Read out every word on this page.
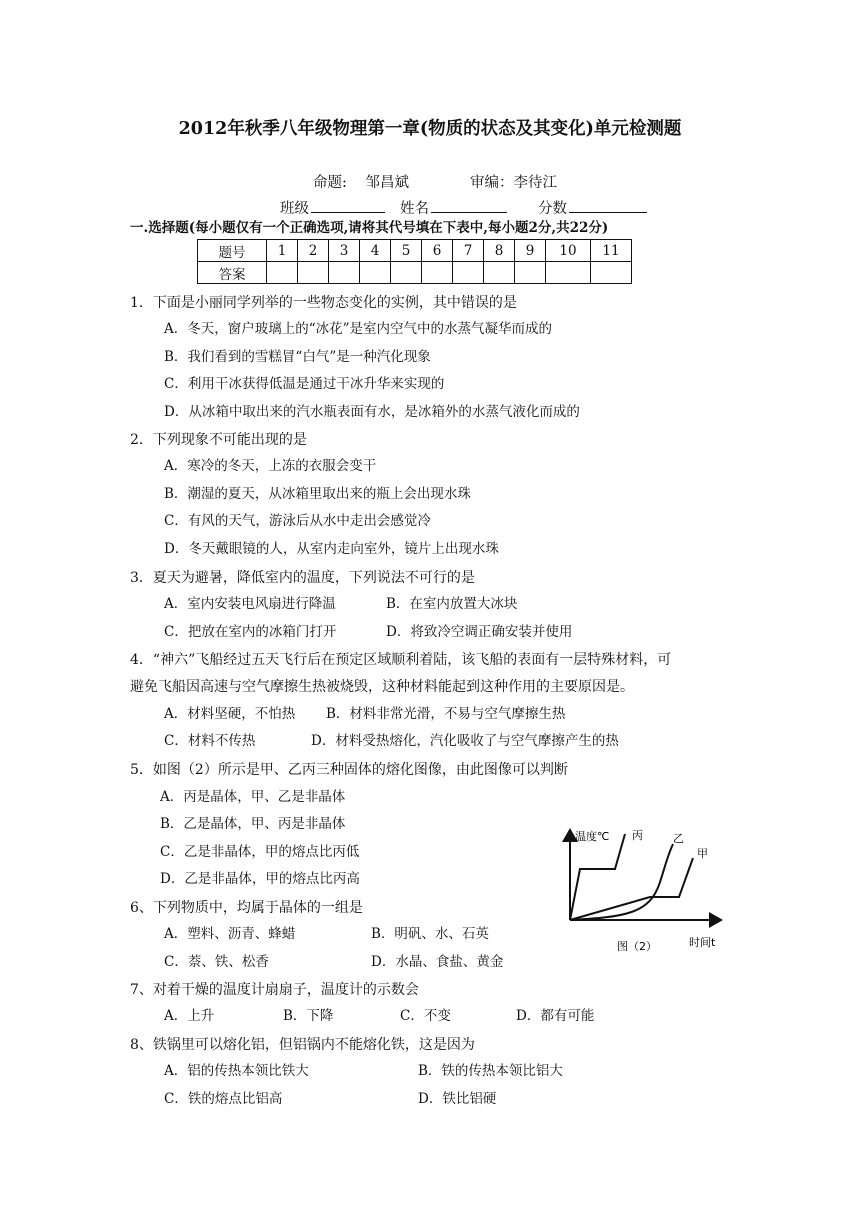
2012年秋季八年级物理第一章(物质的状态及其变化)单元检测题
命题: 邹昌斌	审编：李待江
班级	姓名	分数
一.选择题(每小题仅有一个正确选项,请将其代号填在下表中,每小题2分,共22分)
题号	1	2	3	4	5	6	7	8	9	10	11
答案											
1．下面是小丽同学列举的一些物态变化的实例，其中错误的是
A．冬天，窗户玻璃上的“冰花”是室内空气中的水蒸气凝华而成的
B．我们看到的雪糕冒“白气”是一种汽化现象
C．利用干冰获得低温是通过干冰升华来实现的
D．从冰箱中取出来的汽水瓶表面有水，是冰箱外的水蒸气液化而成的
2．下列现象不可能出现的是
A．寒冷的冬天，上冻的衣服会变干
B．潮湿的夏天，从冰箱里取出来的瓶上会出现水珠
C．有风的天气，游泳后从水中走出会感觉冷
D．冬天戴眼镜的人，从室内走向室外，镜片上出现水珠
3．夏天为避暑，降低室内的温度，下列说法不可行的是
A．室内安装电风扇进行降温	B．在室内放置大冰块
C．把放在室内的冰箱门打开	D．将致冷空调正确安装并使用
4．“神六”飞船经过五天飞行后在预定区域顺利着陆，该飞船的表面有一层特殊材料，可
避免飞船因高速与空气摩擦生热被烧毁，这种材料能起到这种作用的主要原因是。
A．材料坚硬，不怕热 B．材料非常光滑，不易与空气摩擦生热
C．材料不传热	D．材料受热熔化，汽化吸收了与空气摩擦产生的热
5．如图（2）所示是甲、乙丙三种固体的熔化图像，由此图像可以判断
A．丙是晶体，甲、乙是非晶体
B．乙是晶体，甲、丙是非晶体
C．乙是非晶体，甲的熔点比丙低
D．乙是非晶体，甲的熔点比丙高
6、下列物质中，均属于晶体的一组是
A．塑料、沥青、蜂蜡	B．明矾、水、石英
C．萘、铁、松香	D．水晶、食盐、黄金
7、对着干燥的温度计扇扇子，温度计的示数会
A．上升	B．下降	C．不变	D．都有可能
8、铁锅里可以熔化铝，但铝锅内不能熔化铁，这是因为
A．铝的传热本领比铁大	B．铁的传热本领比铝大
C．铁的熔点比铝高	D．铁比铝硬
温度℃ 丙	乙
甲
图（2）	时间t
